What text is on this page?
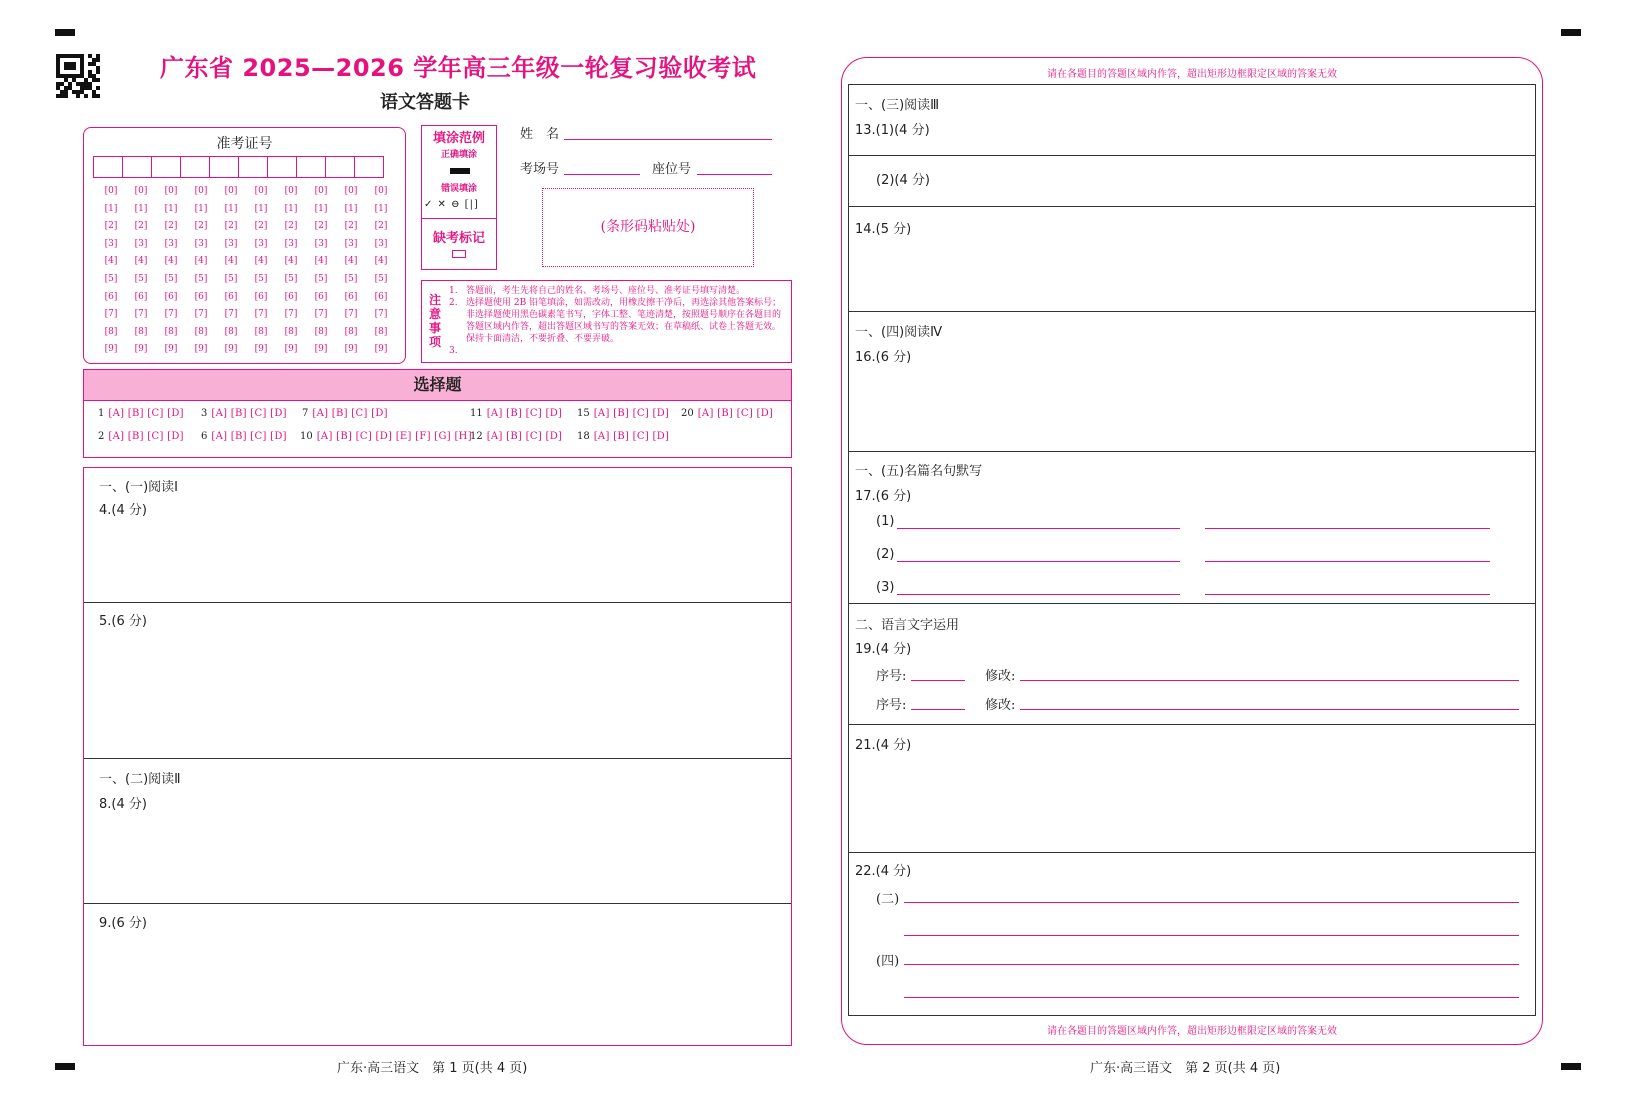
广东省 2025—2026 学年高三年级一轮复习验收考试
语文答题卡
准考证号
[0]	[0]	[0]	[0]	[0]	[0]	[0]	[0]	[0]	[0]
[1]	[1]	[1]	[1]	[1]	[1]	[1]	[1]	[1]	[1]
[2]	[2]	[2]	[2]	[2]	[2]	[2]	[2]	[2]	[2]
[3]	[3]	[3]	[3]	[3]	[3]	[3]	[3]	[3]	[3]
[4]	[4]	[4]	[4]	[4]	[4]	[4]	[4]	[4]	[4]
[5]	[5]	[5]	[5]	[5]	[5]	[5]	[5]	[5]	[5]
[6]	[6]	[6]	[6]	[6]	[6]	[6]	[6]	[6]	[6]
[7]	[7]	[7]	[7]	[7]	[7]	[7]	[7]	[7]	[7]
[8]	[8]	[8]	[8]	[8]	[8]	[8]	[8]	[8]	[8]
[9]	[9]	[9]	[9]	[9]	[9]	[9]	[9]	[9]	[9]
填涂范例
正确填涂
错误填涂
✓ ✕ ⊖ [|]
缺考标记
姓　名
考场号	座位号
(条形码粘贴处)
注意事项
1.
2.
3.
答题前，考生先将自己的姓名、考场号、座位号、准考证号填写清楚。
选择题使用 2B 铅笔填涂，如需改动，用橡皮擦干净后，再选涂其他答案标号；非选择题使用黑色碳素笔书写，字体工整、笔迹清楚，按照题号顺序在各题目的答题区域内作答，超出答题区域书写的答案无效；在草稿纸、试卷上答题无效。
保持卡面清洁，不要折叠、不要弄破。
选择题
1 [A] [B] [C] [D]
2 [A] [B] [C] [D]
3 [A] [B] [C] [D]
6 [A] [B] [C] [D]
7 [A] [B] [C] [D]
10 [A] [B] [C] [D] [E] [F] [G] [H]
11 [A] [B] [C] [D]
12 [A] [B] [C] [D]
15 [A] [B] [C] [D]
18 [A] [B] [C] [D]
20 [A] [B] [C] [D]
一、(一)阅读Ⅰ
4.(4 分)
5.(6 分)
一、(二)阅读Ⅱ
8.(4 分)
9.(6 分)
广东·高三语文　第 1 页(共 4 页)
请在各题目的答题区域内作答，超出矩形边框限定区域的答案无效
请在各题目的答题区域内作答，超出矩形边框限定区域的答案无效
一、(三)阅读Ⅲ
13.(1)(4 分)
(2)(4 分)
14.(5 分)
一、(四)阅读Ⅳ
16.(6 分)
一、(五)名篇名句默写
17.(6 分)
(1)
(2)
(3)
二、语言文字运用
19.(4 分)
序号:	修改:
序号:	修改:
21.(4 分)
22.(4 分)
(二)
(四)
广东·高三语文　第 2 页(共 4 页)
